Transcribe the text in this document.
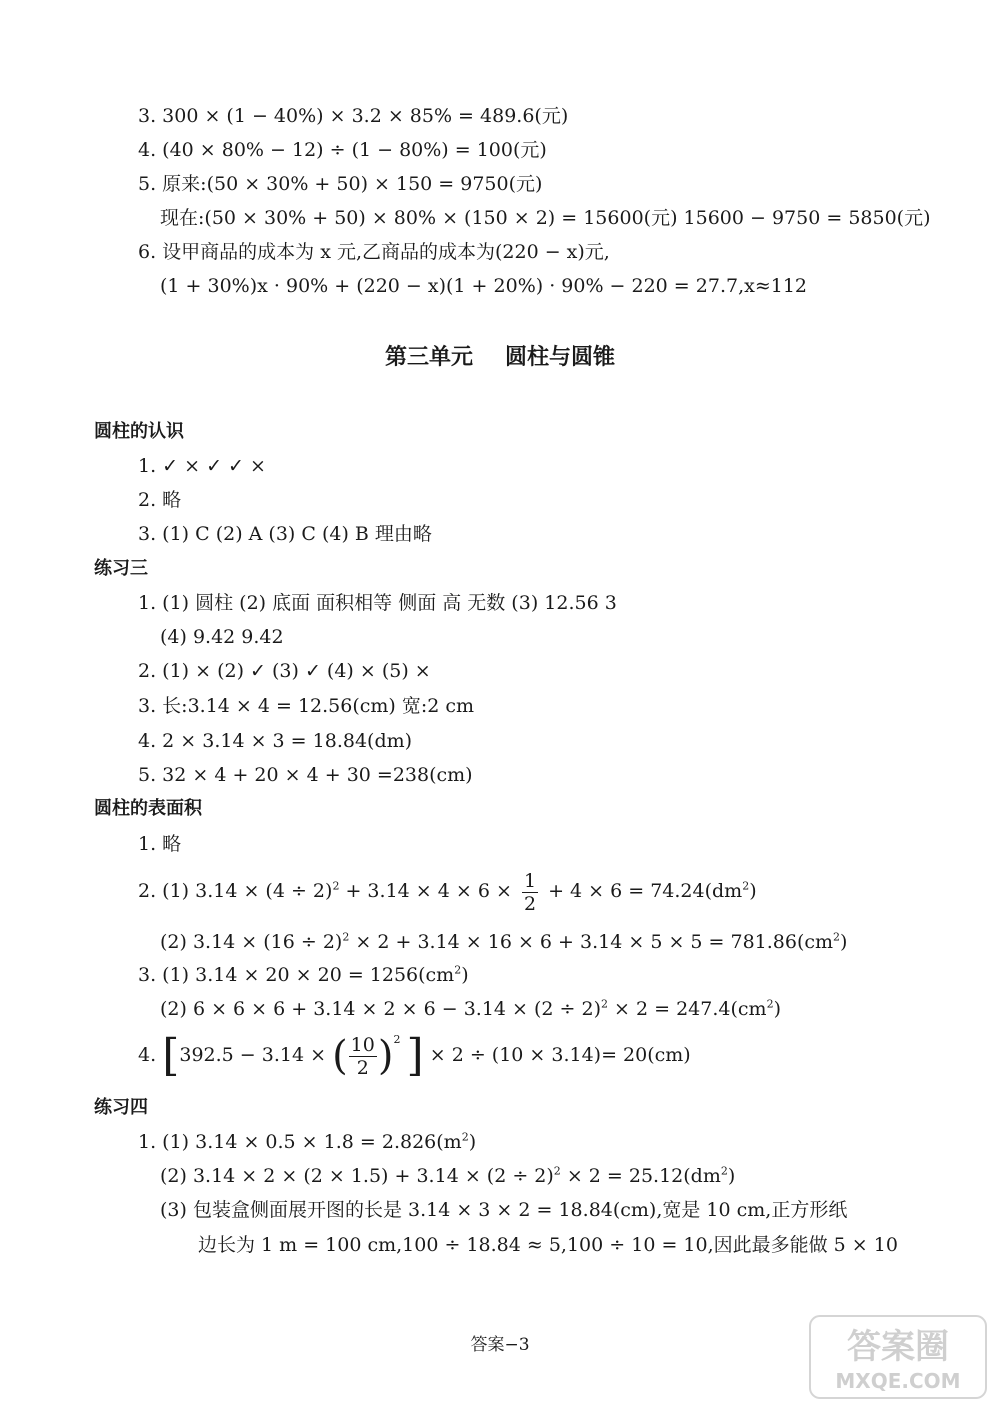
3. 300 × (1 − 40%) × 3.2 × 85% = 489.6(元)
4. (40 × 80% − 12) ÷ (1 − 80%) = 100(元)
5. 原来:(50 × 30% + 50) × 150 = 9750(元)
现在:(50 × 30% + 50) × 80% × (150 × 2) = 15600(元) 15600 − 9750 = 5850(元)
6. 设甲商品的成本为 x 元,乙商品的成本为(220 − x)元,
(1 + 30%)x · 90% + (220 − x)(1 + 20%) · 90% − 220 = 27.7,x≈112
第三单元 圆柱与圆锥
圆柱的认识
1. ✓ × ✓ ✓ ×
2. 略
3. (1) C (2) A (3) C (4) B 理由略
练习三
1. (1) 圆柱 (2) 底面 面积相等 侧面 高 无数 (3) 12.56 3
(4) 9.42 9.42
2. (1) × (2) ✓ (3) ✓ (4) × (5) ×
3. 长:3.14 × 4 = 12.56(cm) 宽:2 cm
4. 2 × 3.14 × 3 = 18.84(dm)
5. 32 × 4 + 20 × 4 + 30 =238(cm)
圆柱的表面积
1. 略
2. (1) $3.14 \times (4 \div 2)^2 + 3.14 \times 4 \times 6 \times \frac{1}{2} + 4 \times 6 = 74.24(dm^2)$
(2) $3.14 \times (16 \div 2)^2 \times 2 + 3.14 \times 16 \times 6 + 3.14 \times 5 \times 5 = 781.86(cm^2)$
3. (1) $3.14 \times 20 \times 20 = 1256(cm^2)$
(2) $6 \times 6 \times 6 + 3.14 \times 2 \times 6 - 3.14 \times (2 \div 2)^2 \times 2 = 247.4(cm^2)$
4. [392.5 − 3.14 × ( $\frac{10}{2} )^2$ ] × 2 ÷ (10 × 3.14)= 20(cm)
练习四
1. (1) $3.14 \times 0.5 \times 1.8 = 2.826(m^2)$
(2) $3.14 \times 2 \times (2 \times 1.5) + 3.14 \times (2 \div 2)^2 \times 2 = 25.12(dm^2)$
(3) 包装盒侧面展开图的长是 3.14 × 3 × 2 = 18.84(cm),宽是 10 cm,正方形纸
边长为 1 m = 100 cm,100 ÷ 18.84 ≈ 5,100 ÷ 10 = 10,因此最多能做 5 × 10
答案−3	答案圈
MXQE.COM
